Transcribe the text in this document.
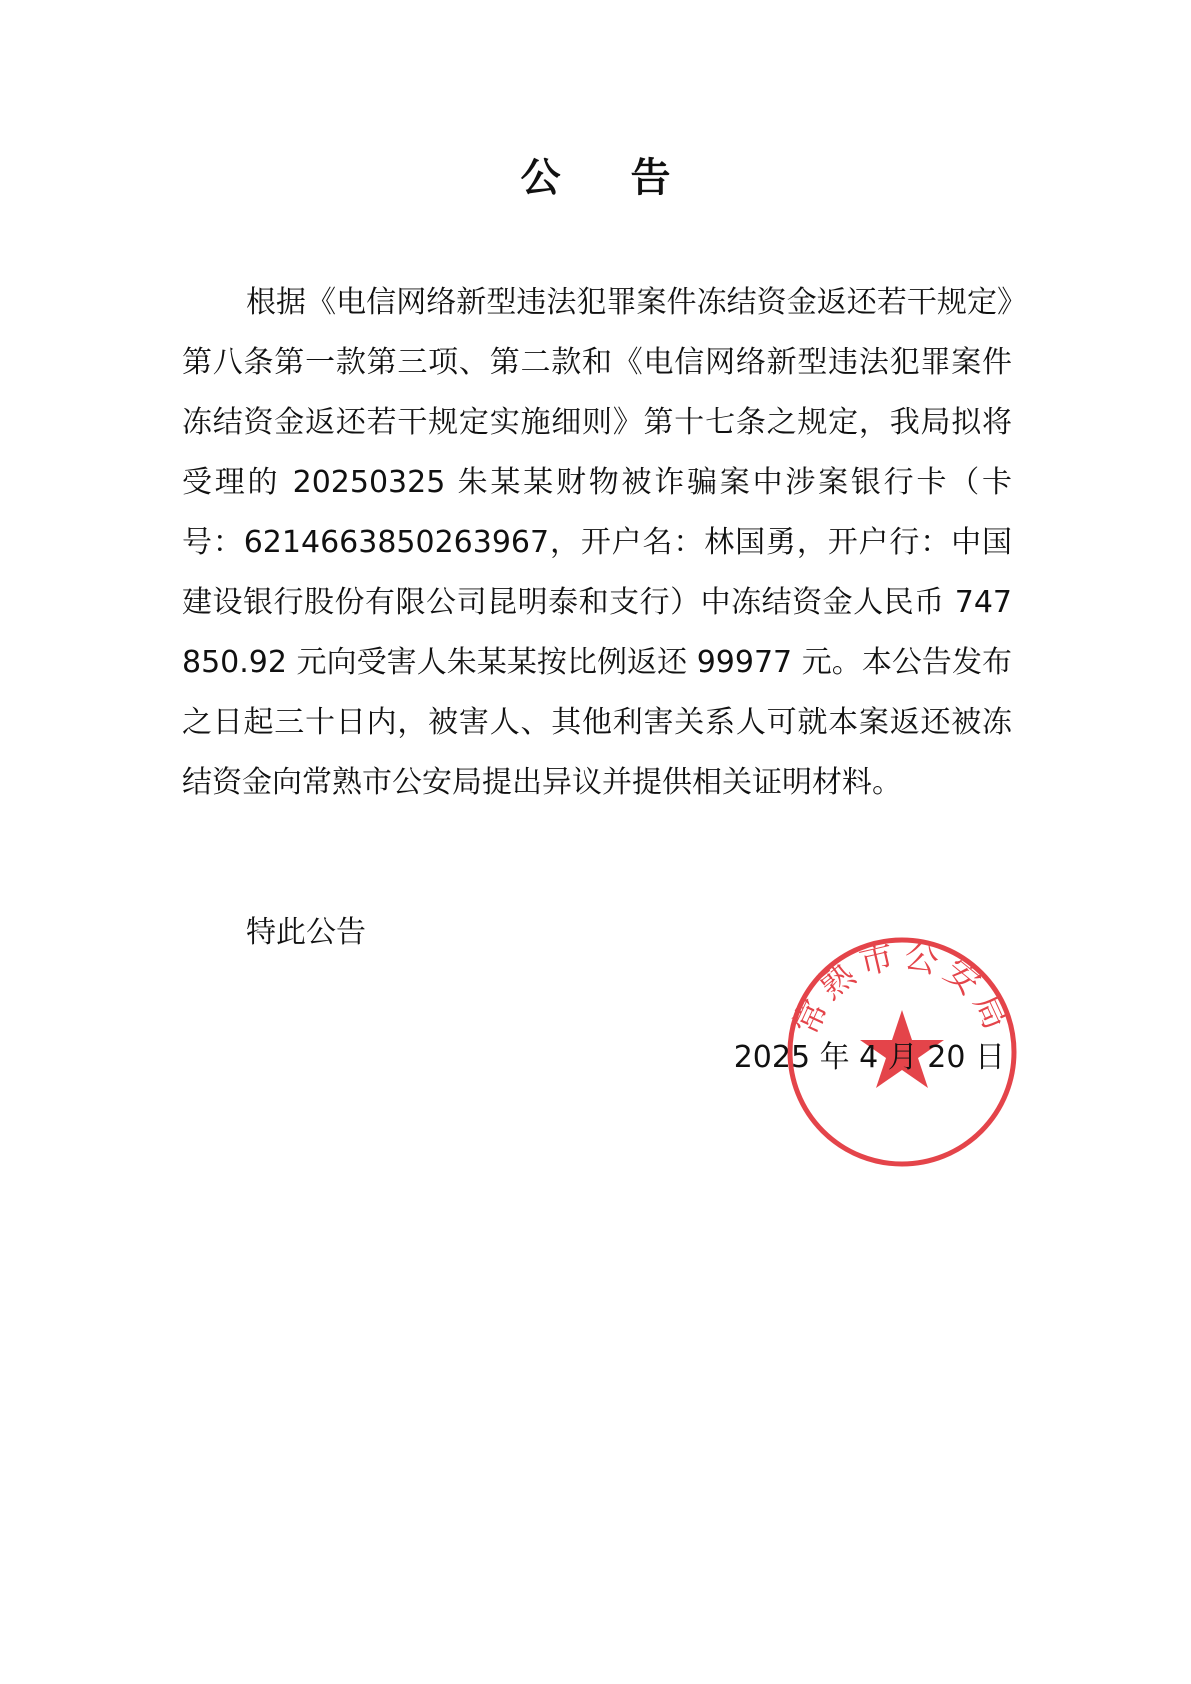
公告

根据《电信网络新型违法犯罪案件冻结资金返还若干规定》第八条第一款第三项、第二款和《电信网络新型违法犯罪案件冻结资金返还若干规定实施细则》第十七条之规定，我局拟将受理的 20250325 朱某某财物被诈骗案中涉案银行卡（卡号：6214663850263967，开户名：林国勇，开户行：中国建设银行股份有限公司昆明泰和支行）中冻结资金人民币 747850.92 元向受害人朱某某按比例返还 99977 元。本公告发布之日起三十日内，被害人、其他利害关系人可就本案返还被冻结资金向常熟市公安局提出异议并提供相关证明材料。

特此公告

常熟市公安局

2025 年 4 月 20 日
